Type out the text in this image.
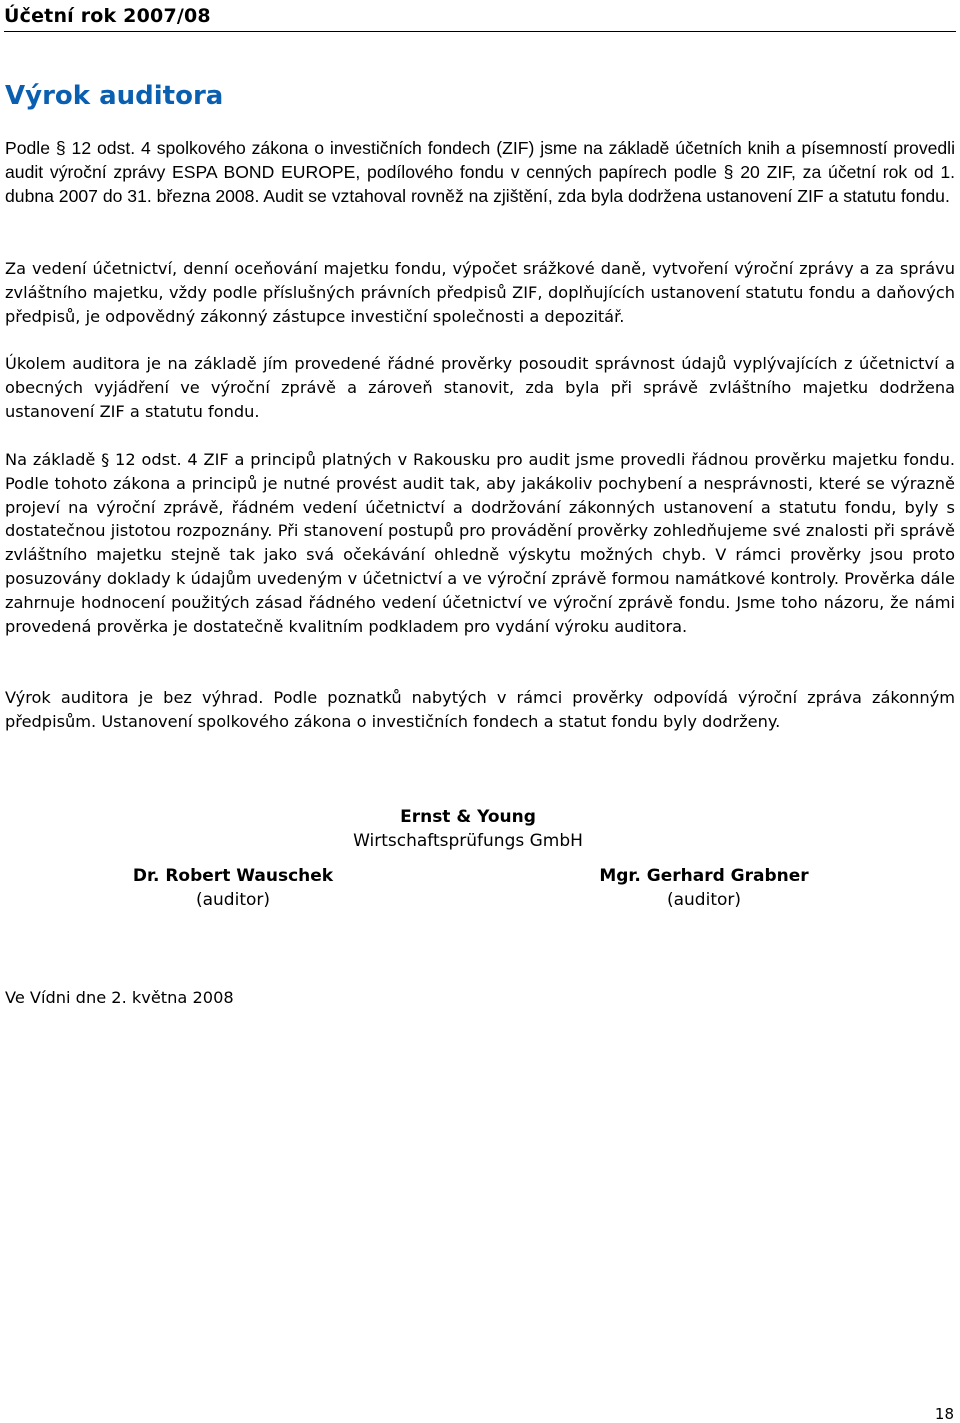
Účetní rok 2007/08
Výrok auditora
Podle § 12 odst. 4 spolkového zákona o investičních fondech (ZIF) jsme na základě účetních knih a písemností provedli audit výroční zprávy ESPA BOND EUROPE, podílového fondu v cenných papírech podle § 20 ZIF, za účetní rok od 1. dubna 2007 do 31. března 2008. Audit se vztahoval rovněž na zjištění, zda byla dodržena ustanovení ZIF a statutu fondu.
Za vedení účetnictví, denní oceňování majetku fondu, výpočet srážkové daně, vytvoření výroční zprávy a za správu zvláštního majetku, vždy podle příslušných právních předpisů ZIF, doplňujících ustanovení statutu fondu a daňových předpisů, je odpovědný zákonný zástupce investiční společnosti a depozitář.
Úkolem auditora je na základě jím provedené řádné prověrky posoudit správnost údajů vyplývajících z účetnictví a obecných vyjádření ve výroční zprávě a zároveň stanovit, zda byla při správě zvláštního majetku dodržena ustanovení ZIF a statutu fondu.
Na základě § 12 odst. 4 ZIF a principů platných v Rakousku pro audit jsme provedli řádnou prověrku majetku fondu. Podle tohoto zákona a principů je nutné provést audit tak, aby jakákoliv pochybení a nesprávnosti, které se výrazně projeví na výroční zprávě, řádném vedení účetnictví a dodržování zákonných ustanovení a statutu fondu, byly s dostatečnou jistotou rozpoznány. Při stanovení postupů pro provádění prověrky zohledňujeme své znalosti při správě zvláštního majetku stejně tak jako svá očekávání ohledně výskytu možných chyb. V rámci prověrky jsou proto posuzovány doklady k údajům uvedeným v účetnictví a ve výroční zprávě formou namátkové kontroly. Prověrka dále zahrnuje hodnocení použitých zásad řádného vedení účetnictví ve výroční zprávě fondu. Jsme toho názoru, že námi provedená prověrka je dostatečně kvalitním podkladem pro vydání výroku auditora.
Výrok auditora je bez výhrad. Podle poznatků nabytých v rámci prověrky odpovídá výroční zpráva zákonným předpisům. Ustanovení spolkového zákona o investičních fondech a statut fondu byly dodrženy.
Ernst & Young
Wirtschaftsprüfungs GmbH
Dr. Robert Wauschek
(auditor)
Mgr. Gerhard Grabner
(auditor)
Ve Vídni dne 2. května 2008
18
